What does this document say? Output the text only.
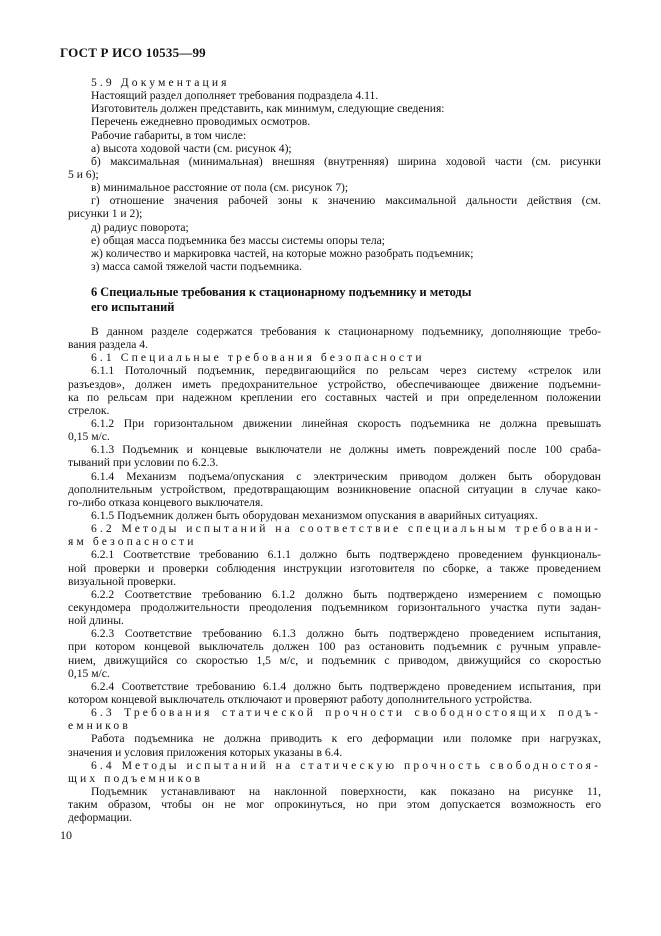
ГОСТ Р ИСО 10535—99
5.9 Документация
Настоящий раздел дополняет требования подраздела 4.11.
Изготовитель должен представить, как минимум, следующие сведения:
Перечень ежедневно проводимых осмотров.
Рабочие габариты, в том числе:
а) высота ходовой части (см. рисунок 4);
б) максимальная (минимальная) внешняя (внутренняя) ширина ходовой части (см. рисунки
5 и 6);
в) минимальное расстояние от пола (см. рисунок 7);
г) отношение значения рабочей зоны к значению максимальной дальности действия (см.
рисунки 1 и 2);
д) радиус поворота;
е) общая масса подъемника без массы системы опоры тела;
ж) количество и маркировка частей, на которые можно разобрать подъемник;
з) масса самой тяжелой части подъемника.
6 Специальные требования к стационарному подъемнику и методы
его испытаний
В данном разделе содержатся требования к стационарному подъемнику, дополняющие требо-
вания раздела 4.
6.1 Специальные требования безопасности
6.1.1 Потолочный подъемник, передвигающийся по рельсам через систему «стрелок или
разъездов», должен иметь предохранительное устройство, обеспечивающее движение подъемни-
ка по рельсам при надежном креплении его составных частей и при определенном положении
стрелок.
6.1.2 При горизонтальном движении линейная скорость подъемника не должна превышать
0,15 м/с.
6.1.3 Подъемник и концевые выключатели не должны иметь повреждений после 100 сраба-
тываний при условии по 6.2.3.
6.1.4 Механизм подъема/опускания с электрическим приводом должен быть оборудован
дополнительным устройством, предотвращающим возникновение опасной ситуации в случае како-
го-либо отказа концевого выключателя.
6.1.5 Подъемник должен быть оборудован механизмом опускания в аварийных ситуациях.
6.2 Методы испытаний на соответствие специальным требовани-
ям безопасности
6.2.1 Соответствие требованию 6.1.1 должно быть подтверждено проведением функциональ-
ной проверки и проверки соблюдения инструкции изготовителя по сборке, а также проведением
визуальной проверки.
6.2.2 Соответствие требованию 6.1.2 должно быть подтверждено измерением с помощью
секундомера продолжительности преодоления подъемником горизонтального участка пути задан-
ной длины.
6.2.3 Соответствие требованию 6.1.3 должно быть подтверждено проведением испытания,
при котором концевой выключатель должен 100 раз остановить подъемник с ручным управле-
нием, движущийся со скоростью 1,5 м/с, и подъемник с приводом, движущийся со скоростью
0,15 м/с.
6.2.4 Соответствие требованию 6.1.4 должно быть подтверждено проведением испытания, при
котором концевой выключатель отключают и проверяют работу дополнительного устройства.
6.3 Требования статической прочности свободностоящих подъ-
емников
Работа подъемника не должна приводить к его деформации или поломке при нагрузках,
значения и условия приложения которых указаны в 6.4.
6.4 Методы испытаний на статическую прочность свободностоя-
щих подъемников
Подъемник устанавливают на наклонной поверхности, как показано на рисунке 11,
таким образом, чтобы он не мог опрокинуться, но при этом допускается возможность его
деформации.
10
